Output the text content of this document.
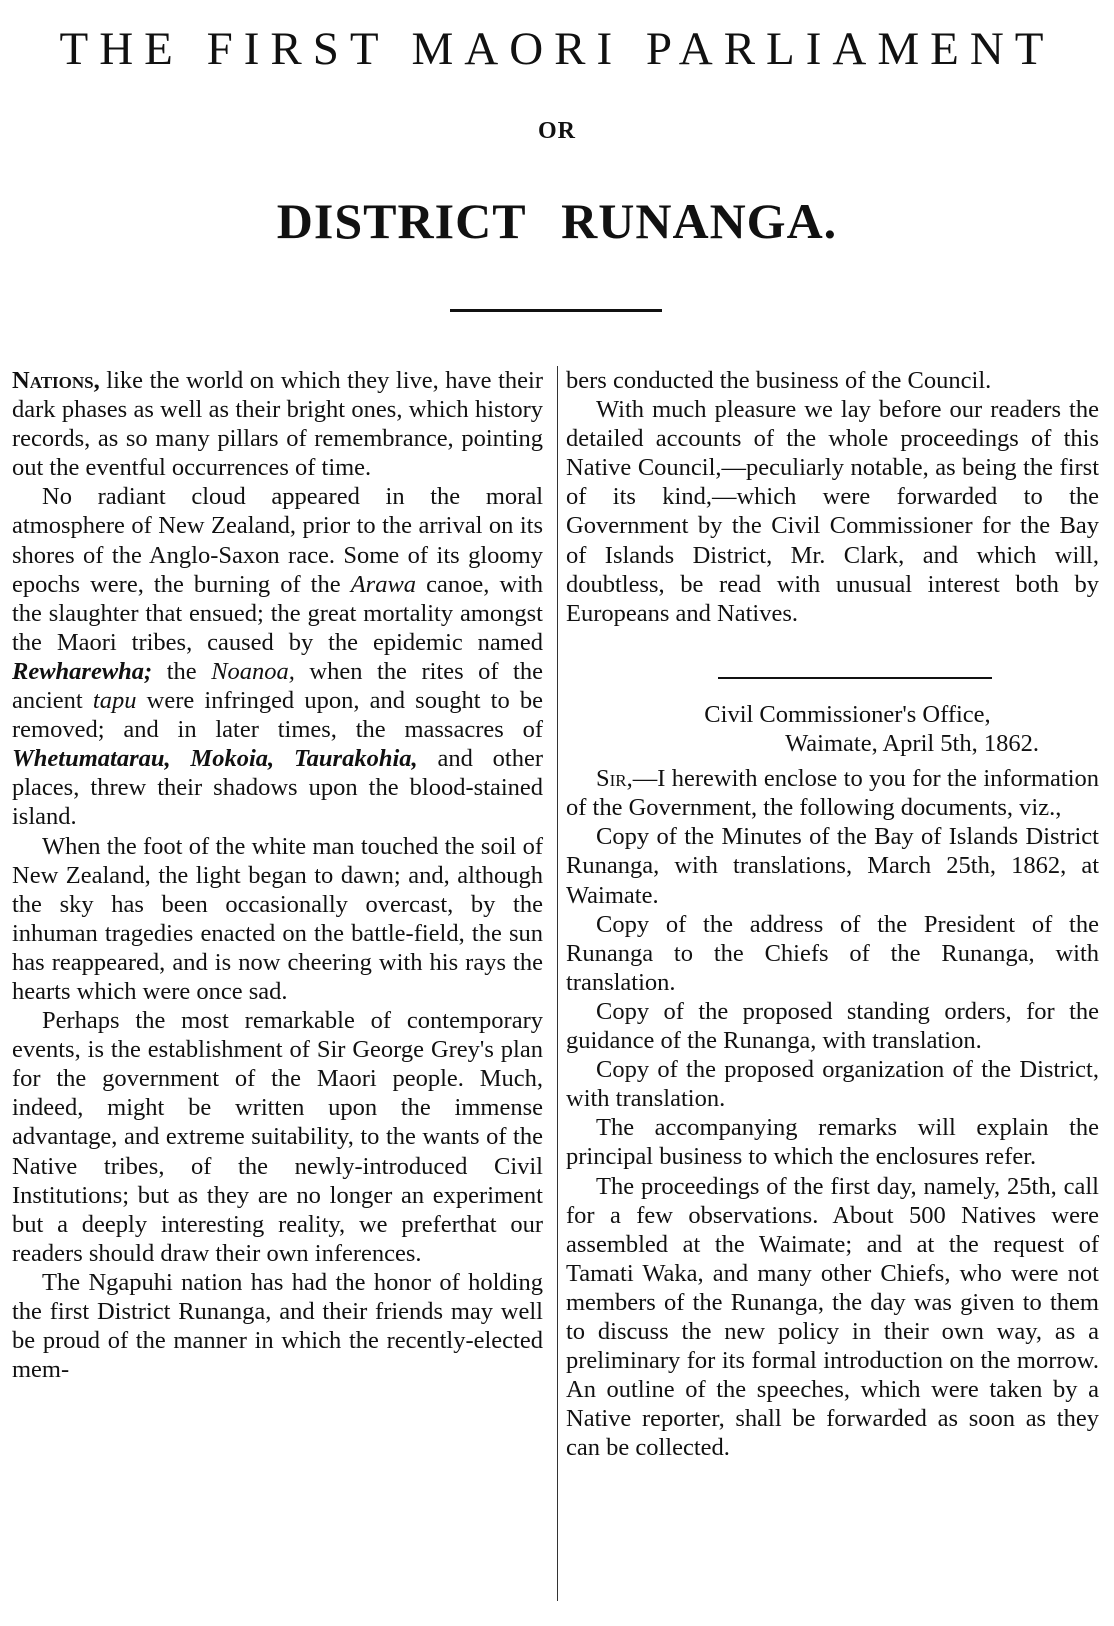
THE FIRST MAORI PARLIAMENT
OR
DISTRICT RUNANGA.

Nations, like the world on which they live, have their dark phases as well as their bright ones, which history records, as so many pillars of remembrance, pointing out the eventful occurrences of time.

No radiant cloud appeared in the moral atmosphere of New Zealand, prior to the arrival on its shores of the Anglo-Saxon race. Some of its gloomy epochs were, the burning of the Arawa canoe, with the slaughter that ensued; the great mortality amongst the Maori tribes, caused by the epidemic named Rewharewha; the Noanoa, when the rites of the ancient tapu were infringed upon, and sought to be removed; and in later times, the massacres of Whetumatarau, Mokoia, Taurakohia, and other places, threw their shadows upon the blood-stained island.

When the foot of the white man touched the soil of New Zealand, the light began to dawn; and, although the sky has been occasionally overcast, by the inhuman tragedies enacted on the battle-field, the sun has reappeared, and is now cheering with his rays the hearts which were once sad.

Perhaps the most remarkable of contemporary events, is the establishment of Sir George Grey's plan for the government of the Maori people. Much, indeed, might be written upon the immense advantage, and extreme suitability, to the wants of the Native tribes, of the newly-introduced Civil Institutions; but as they are no longer an experiment but a deeply interesting reality, we preferthat our readers should draw their own inferences.

The Ngapuhi nation has had the honor of holding the first District Runanga, and their friends may well be proud of the manner in which the recently-elected mem-

bers conducted the business of the Council.

With much pleasure we lay before our readers the detailed accounts of the whole proceedings of this Native Council,—peculiarly notable, as being the first of its kind,—which were forwarded to the Government by the Civil Commissioner for the Bay of Islands District, Mr. Clark, and which will, doubtless, be read with unusual interest both by Europeans and Natives.

Civil Commissioner's Office,

Waimate, April 5th, 1862.

Sir,—I herewith enclose to you for the information of the Government, the following documents, viz.,

Copy of the Minutes of the Bay of Islands District Runanga, with translations, March 25th, 1862, at Waimate.

Copy of the address of the President of the Runanga to the Chiefs of the Runanga, with translation.

Copy of the proposed standing orders, for the guidance of the Runanga, with translation.

Copy of the proposed organization of the District, with translation.

The accompanying remarks will explain the principal business to which the enclosures refer.

The proceedings of the first day, namely, 25th, call for a few observations. About 500 Natives were assembled at the Waimate; and at the request of Tamati Waka, and many other Chiefs, who were not members of the Runanga, the day was given to them to discuss the new policy in their own way, as a preliminary for its formal introduction on the morrow. An outline of the speeches, which were taken by a Native reporter, shall be forwarded as soon as they can be collected.
